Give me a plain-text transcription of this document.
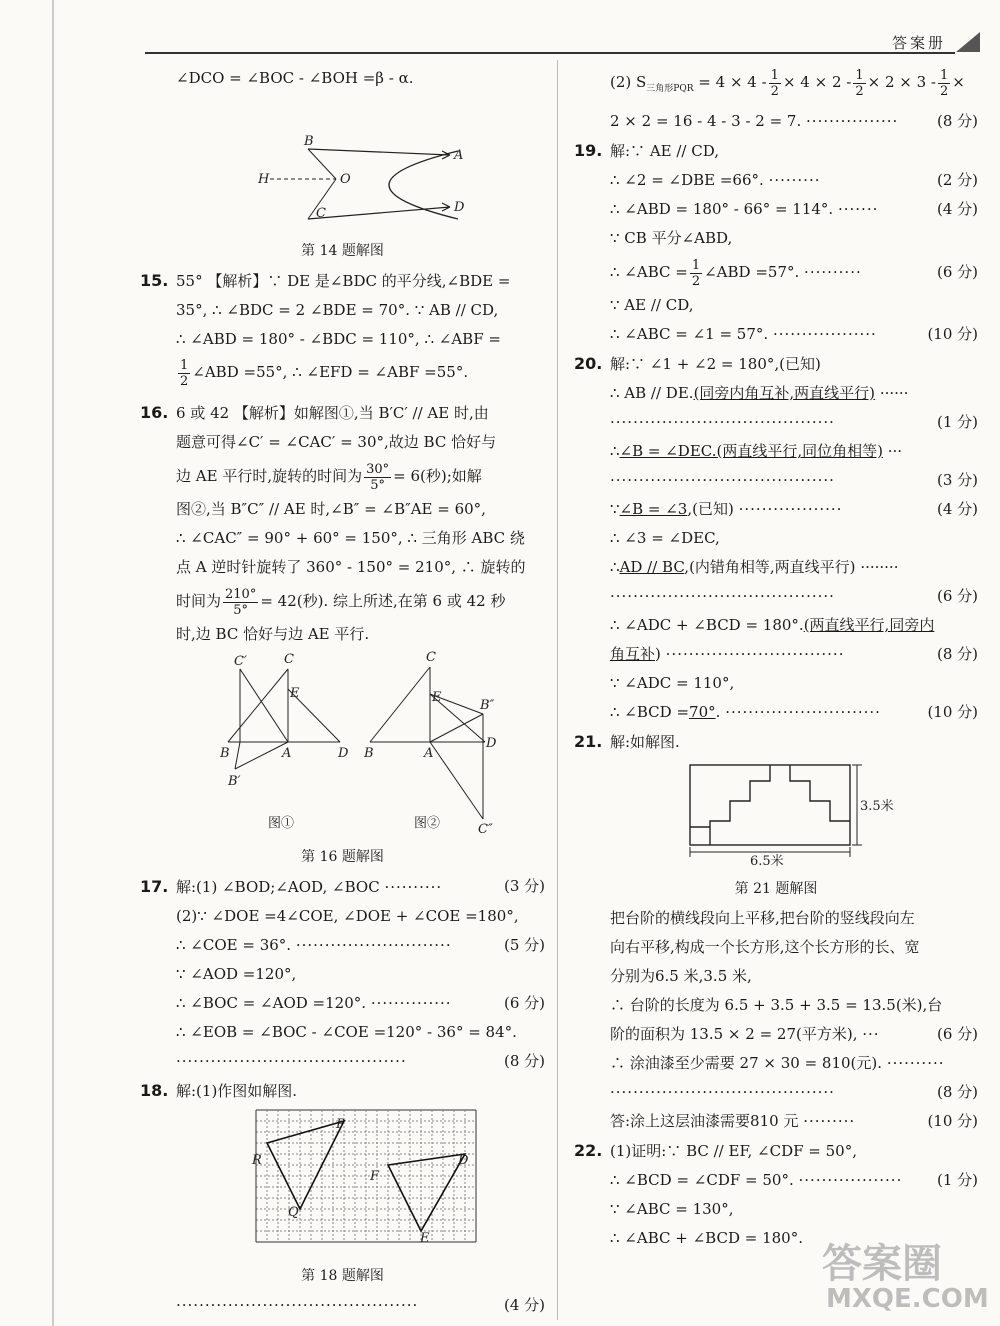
答案册
∠DCO = ∠BOC - ∠BOH =β - α.
B
A
H	O
C	D
第 14 题解图
15. 55° 【解析】∵ DE 是∠BDC 的平分线,∠BDE =
35°, ∴ ∠BDC = 2 ∠BDE = 70°. ∵ AB // CD,
∴ ∠ABD = 180° - ∠BDC = 110°, ∴ ∠ABF =
$\frac{1}{2}$ ∠ABD =55°, ∴ ∠EFD = ∠ABF =55°.
16. 6 或 42 【解析】如解图①,当 B′C′ // AE 时,由
题意可得∠C′ = ∠CAC′ = 30°,故边 BC 恰好与
边 AE 平行时,旋转的时间为 $\frac{30^\circ}{5^\circ} = 6$(秒);如解
图②,当 B″C″ // AE 时,∠B″ = ∠B″AE = 60°,
∴ ∠CAC″ = 90° + 60° = 150°, ∴ 三角形 ABC 绕
点 A 逆时针旋转了 360° - 150° = 210°, ∴ 旋转的
时间为 $\frac{210^\circ}{5^\circ} = 42$(秒). 综上所述,在第 6 或 42 秒
时,边 BC 恰好与边 AE 平行.
C′	C
E
B	A	D
B′
C
E
B″
B	A
D
C″
图①	图②
第 16 题解图
17. 解:(1) ∠BOD;∠AOD, ∠BOC ··········	(3 分)
(2)∵ ∠DOE =4∠COE, ∠DOE + ∠COE =180°,
∴ ∠COE = 36°. ···························	(5 分)
∵ ∠AOD =120°,
∴ ∠BOC = ∠AOD =120°. ··············	(6 分)
∴ ∠EOB = ∠BOC - ∠COE =120° - 36° = 84°.
········································	(8 分)
18. 解:(1)作图如解图.
P
R
Q
D
F
E
第 18 题解图
··········································	(4 分)
(2) $S_{三角形PQR} = 4 \times 4 - \frac{1}{2} \times 4 \times 2 - \frac{1}{2} \times 2 \times 3 - \frac{1}{2}$ ×
2 × 2 = 16 - 4 - 3 - 2 = 7. ················	(8 分)
19. 解:∵ AE // CD,
∴ ∠2 = ∠DBE =66°. ·········	(2 分)
∴ ∠ABD = 180° - 66° = 114°. ·······	(4 分)
∵ CB 平分∠ABD,
∴ ∠ABC = $\frac{1}{2}$ ∠ABD =57°. ··········	(6 分)
∵ AE // CD,
∴ ∠ABC = ∠1 = 57°. ··················	(10 分)
20. 解:∵ ∠1 + ∠2 = 180°,(已知)
∴ AB // DE.(同旁内角互补,两直线平行) ······
·······································	(1 分)
∴∠B = ∠DEC.(两直线平行,同位角相等) ···
·······································	(3 分)
∵∠B = ∠3,(已知) ··················	(4 分)
∴ ∠3 = ∠DEC,
∴AD // BC,(内错角相等,两直线平行) ········
·······································	(6 分)
∴ ∠ADC + ∠BCD = 180°.(两直线平行,同旁内
角互补) ·······························	(8 分)
∵ ∠ADC = 110°,
∴ ∠BCD =70°. ···························	(10 分)
21. 解:如解图.
3.5米
6.5米
第 21 题解图
把台阶的横线段向上平移,把台阶的竖线段向左
向右平移,构成一个长方形,这个长方形的长、宽
分别为6.5 米,3.5 米,
∴ 台阶的长度为 6.5 + 3.5 + 3.5 = 13.5(米),台
阶的面积为 13.5 × 2 = 27(平方米), ···	(6 分)
∴ 涂油漆至少需要 27 × 30 = 810(元). ··········
·······································	(8 分)
答:涂上这层油漆需要810 元 ·········	(10 分)
22. (1)证明:∵ BC // EF, ∠CDF = 50°,
∴ ∠BCD = ∠CDF = 50°. ·················· (1 分)
∵ ∠ABC = 130°,
∴ ∠ABC + ∠BCD = 180°.
答案圈
MXQE.COM
